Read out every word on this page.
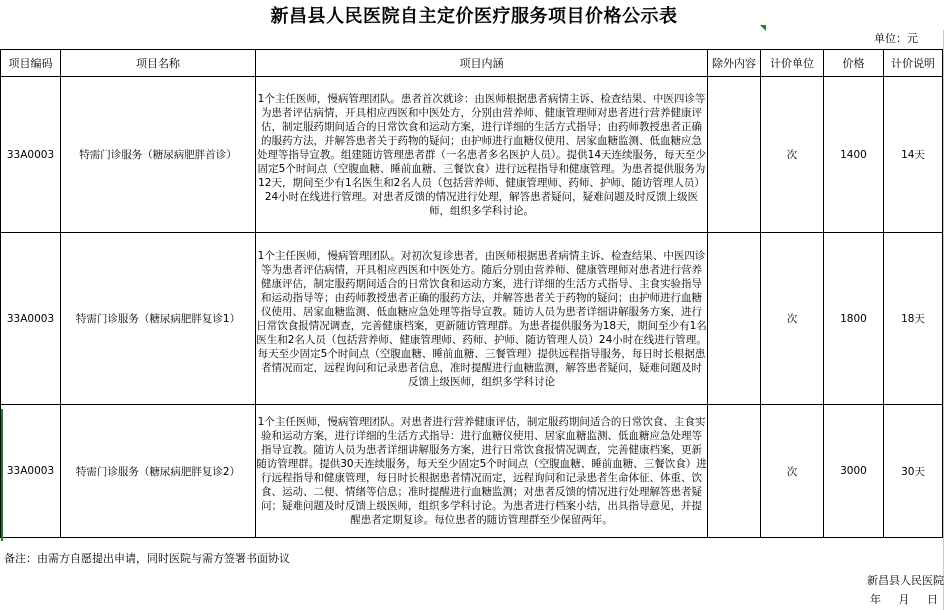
新昌县人民医院自主定价医疗服务项目价格公示表
单位：元
项目编码	项目名称	项目内涵	除外内容	计价单位	价格	计价说明
33A0003	特需门诊服务（糖尿病肥胖首诊）	1个主任医师，慢病管理团队。患者首次就诊：由医师根据患者病情主诉、检查结果、中医四诊等为患者评估病情，开具相应西医和中医处方，分别由营养师、健康管理师对患者进行营养健康评估，制定服药期间适合的日常饮食和运动方案，进行详细的生活方式指导；由药师教授患者正确的服药方法，并解答患者关于药物的疑问；由护师进行血糖仪使用、居家血糖监测、低血糖应急处理等指导宣教。组建随访管理患者群（一名患者多名医护人员）。提供14天连续服务，每天至少固定5个时间点（空腹血糖、睡前血糖、三餐饮食）进行远程指导和健康管理。为患者提供服务为12天，期间至少有1名医生和2名人员（包括营养师、健康管理师、药师、护师、随访管理人员）24小时在线进行管理。对患者反馈的情况进行处理，解答患者疑问，疑难问题及时反馈上级医师，组织多学科讨论。		次	1400	14天
33A0003	特需门诊服务（糖尿病肥胖复诊1）	1个主任医师，慢病管理团队。对初次复诊患者，由医师根据患者病情主诉、检查结果、中医四诊等为患者评估病情，开具相应西医和中医处方。随后分别由营养师、健康管理师对患者进行营养健康评估，制定服药期间适合的日常饮食和运动方案，进行详细的生活方式指导、主食实验指导和运动指导等；由药师教授患者正确的服药方法，并解答患者关于药物的疑问；由护师进行血糖仪使用、居家血糖监测、低血糖应急处理等指导宣教。随访人员为患者详细讲解服务方案，进行日常饮食报情况调查，完善健康档案，更新随访管理群。为患者提供服务为18天，期间至少有1名医生和2名人员（包括营养师、健康管理师、药师、护师、随访管理人员）24小时在线进行管理。每天至少固定5个时间点（空腹血糖、睡前血糖、三餐管理）提供远程指导服务，每日时长根据患者情况而定，远程询问和记录患者信息，准时提醒进行血糖监测，解答患者疑问，疑难问题及时反馈上级医师，组织多学科讨论		次	1800	18天
33A0003	特需门诊服务（糖尿病肥胖复诊2）	1个主任医师，慢病管理团队。对患者进行营养健康评估，制定服药期间适合的日常饮食、主食实验和运动方案，进行详细的生活方式指导：进行血糖仪使用、居家血糖监测、低血糖应急处理等指导宣教。随访人员为患者详细讲解服务方案，进行日常饮食报情况调查，完善健康档案，更新随访管理群。提供30天连续服务，每天至少固定5个时间点（空腹血糖、睡前血糖、三餐饮食）进行远程指导和健康管理，每日时长根据患者情况而定，远程询问和记录患者生命体征、体重、饮食、运动、二便、情绪等信息；准时提醒进行血糖监测；对患者反馈的情况进行处理解答患者疑问；疑难问题及时反馈上级医师，组织多学科讨论。为患者进行档案小结，出具指导意见，并提醒患者定期复诊。每位患者的随访管理群至少保留两年。		次	3000	30天
备注：由需方自愿提出申请，同时医院与需方签署书面协议
新昌县人民医院
年 月 日
